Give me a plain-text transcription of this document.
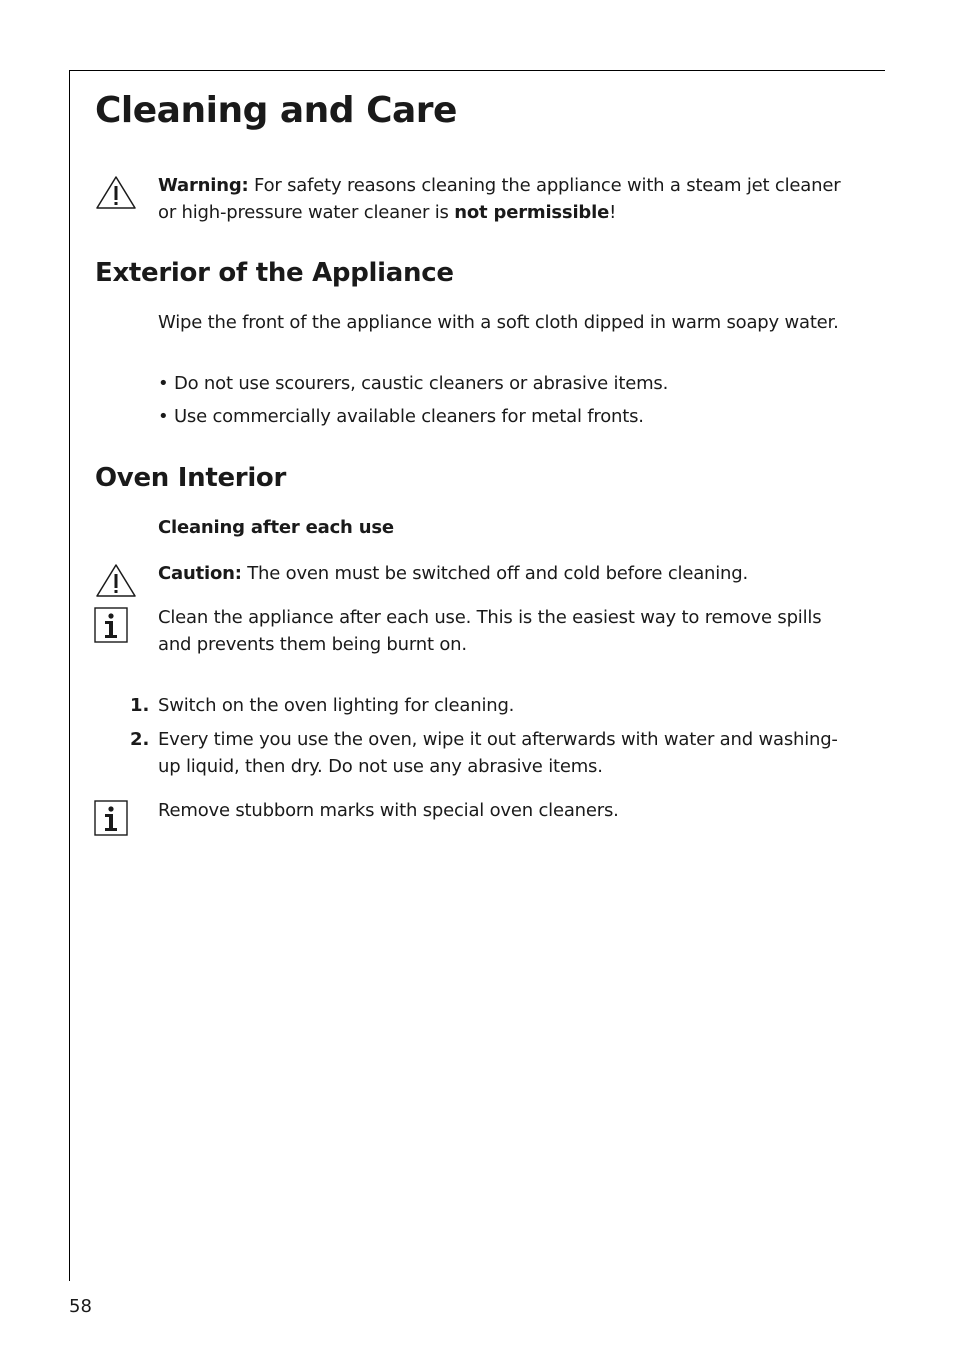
Cleaning and Care

Warning: For safety reasons cleaning the appliance with a steam jet cleaner or high-pressure water cleaner is not permissible!

Exterior of the Appliance

Wipe the front of the appliance with a soft cloth dipped in warm soapy water.

• Do not use scourers, caustic cleaners or abrasive items.

• Use commercially available cleaners for metal fronts.

Oven Interior

Cleaning after each use

Caution: The oven must be switched off and cold before cleaning.

Clean the appliance after each use. This is the easiest way to remove spills and prevents them being burnt on.

1. Switch on the oven lighting for cleaning.

2. Every time you use the oven, wipe it out afterwards with water and washing-up liquid, then dry. Do not use any abrasive items.

Remove stubborn marks with special oven cleaners.

58
